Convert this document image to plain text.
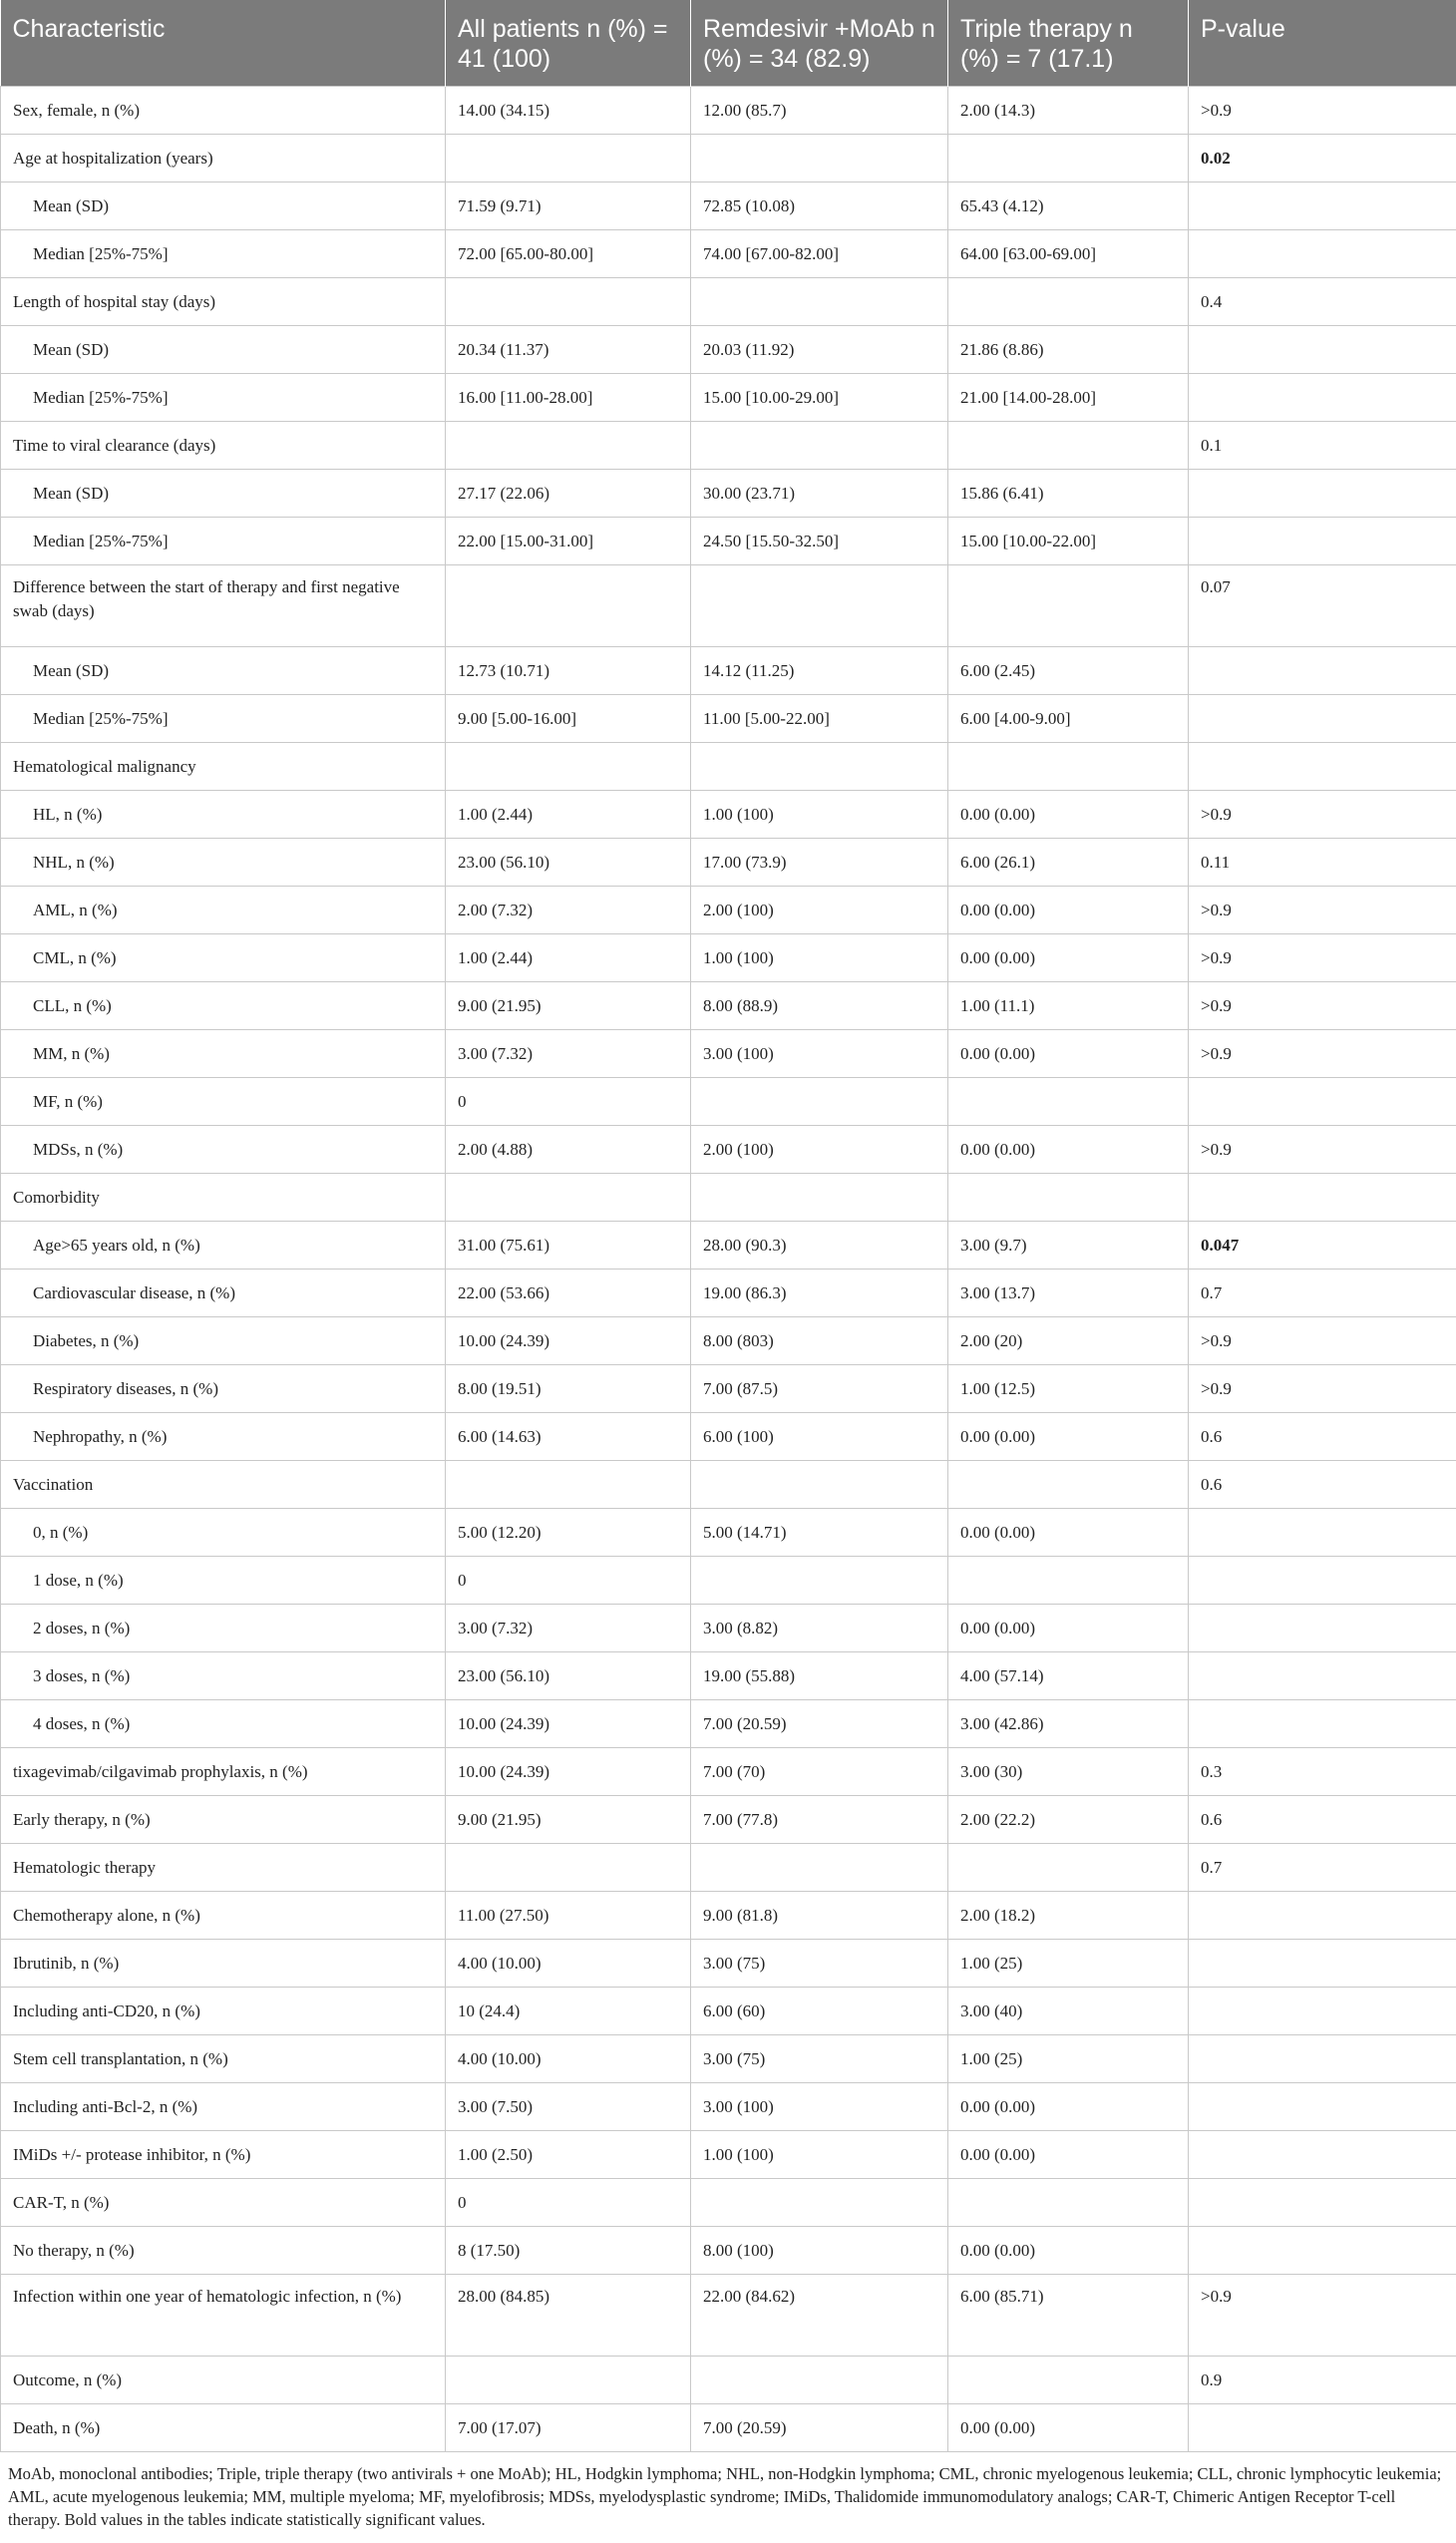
Characteristic	All patients n (%) = 41 (100)	Remdesivir +MoAb n (%) = 34 (82.9)	Triple therapy n (%) = 7 (17.1)	P-value
Sex, female, n (%)	14.00 (34.15)	12.00 (85.7)	2.00 (14.3)	>0.9
Age at hospitalization (years)				0.02
Mean (SD)	71.59 (9.71)	72.85 (10.08)	65.43 (4.12)	
Median [25%-75%]	72.00 [65.00-80.00]	74.00 [67.00-82.00]	64.00 [63.00-69.00]	
Length of hospital stay (days)				0.4
Mean (SD)	20.34 (11.37)	20.03 (11.92)	21.86 (8.86)	
Median [25%-75%]	16.00 [11.00-28.00]	15.00 [10.00-29.00]	21.00 [14.00-28.00]	
Time to viral clearance (days)				0.1
Mean (SD)	27.17 (22.06)	30.00 (23.71)	15.86 (6.41)	
Median [25%-75%]	22.00 [15.00-31.00]	24.50 [15.50-32.50]	15.00 [10.00-22.00]	
Difference between the start of therapy and first negative swab (days)				0.07
Mean (SD)	12.73 (10.71)	14.12 (11.25)	6.00 (2.45)	
Median [25%-75%]	9.00 [5.00-16.00]	11.00 [5.00-22.00]	6.00 [4.00-9.00]	
Hematological malignancy				
HL, n (%)	1.00 (2.44)	1.00 (100)	0.00 (0.00)	>0.9
NHL, n (%)	23.00 (56.10)	17.00 (73.9)	6.00 (26.1)	0.11
AML, n (%)	2.00 (7.32)	2.00 (100)	0.00 (0.00)	>0.9
CML, n (%)	1.00 (2.44)	1.00 (100)	0.00 (0.00)	>0.9
CLL, n (%)	9.00 (21.95)	8.00 (88.9)	1.00 (11.1)	>0.9
MM, n (%)	3.00 (7.32)	3.00 (100)	0.00 (0.00)	>0.9
MF, n (%)	0			
MDSs, n (%)	2.00 (4.88)	2.00 (100)	0.00 (0.00)	>0.9
Comorbidity				
Age>65 years old, n (%)	31.00 (75.61)	28.00 (90.3)	3.00 (9.7)	0.047
Cardiovascular disease, n (%)	22.00 (53.66)	19.00 (86.3)	3.00 (13.7)	0.7
Diabetes, n (%)	10.00 (24.39)	8.00 (803)	2.00 (20)	>0.9
Respiratory diseases, n (%)	8.00 (19.51)	7.00 (87.5)	1.00 (12.5)	>0.9
Nephropathy, n (%)	6.00 (14.63)	6.00 (100)	0.00 (0.00)	0.6
Vaccination				0.6
0, n (%)	5.00 (12.20)	5.00 (14.71)	0.00 (0.00)	
1 dose, n (%)	0			
2 doses, n (%)	3.00 (7.32)	3.00 (8.82)	0.00 (0.00)	
3 doses, n (%)	23.00 (56.10)	19.00 (55.88)	4.00 (57.14)	
4 doses, n (%)	10.00 (24.39)	7.00 (20.59)	3.00 (42.86)	
tixagevimab/cilgavimab prophylaxis, n (%)	10.00 (24.39)	7.00 (70)	3.00 (30)	0.3
Early therapy, n (%)	9.00 (21.95)	7.00 (77.8)	2.00 (22.2)	0.6
Hematologic therapy				0.7
Chemotherapy alone, n (%)	11.00 (27.50)	9.00 (81.8)	2.00 (18.2)	
Ibrutinib, n (%)	4.00 (10.00)	3.00 (75)	1.00 (25)	
Including anti-CD20, n (%)	10 (24.4)	6.00 (60)	3.00 (40)	
Stem cell transplantation, n (%)	4.00 (10.00)	3.00 (75)	1.00 (25)	
Including anti-Bcl-2, n (%)	3.00 (7.50)	3.00 (100)	0.00 (0.00)	
IMiDs +/- protease inhibitor, n (%)	1.00 (2.50)	1.00 (100)	0.00 (0.00)	
CAR-T, n (%)	0			
No therapy, n (%)	8 (17.50)	8.00 (100)	0.00 (0.00)	
Infection within one year of hematologic infection, n (%)	28.00 (84.85)	22.00 (84.62)	6.00 (85.71)	>0.9
Outcome, n (%)				0.9
Death, n (%)	7.00 (17.07)	7.00 (20.59)	0.00 (0.00)	
MoAb, monoclonal antibodies; Triple, triple therapy (two antivirals + one MoAb); HL, Hodgkin lymphoma; NHL, non-Hodgkin lymphoma; CML, chronic myelogenous leukemia; CLL, chronic lymphocytic leukemia; AML, acute myelogenous leukemia; MM, multiple myeloma; MF, myelofibrosis; MDSs, myelodysplastic syndrome; IMiDs, Thalidomide immunomodulatory analogs; CAR-T, Chimeric Antigen Receptor T-cell therapy. Bold values in the tables indicate statistically significant values.
